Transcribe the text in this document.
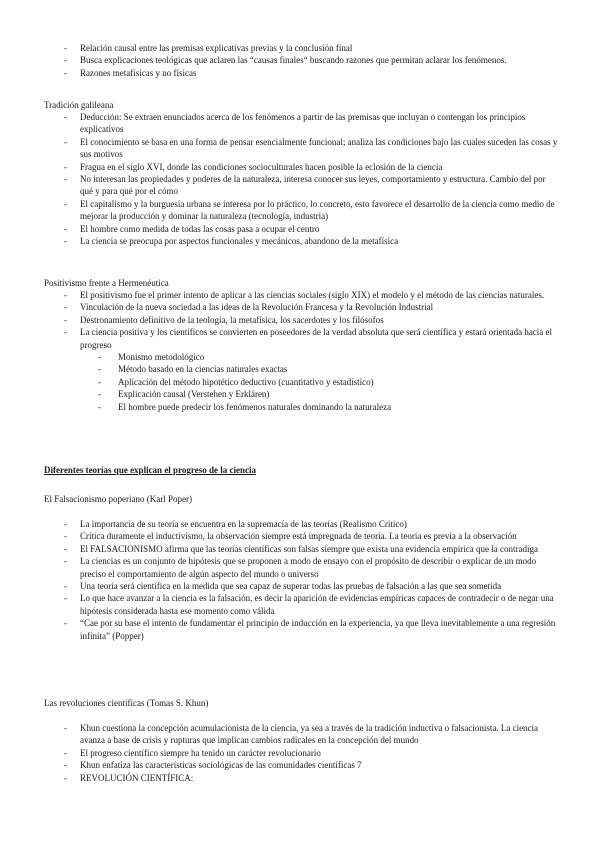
- Relación causal entre las premisas explicativas previas y la conclusión final
- Busca explicaciones teológicas que aclaren las “causas finales“ buscando razones que permitan aclarar los fenómenos.
- Razones metafísicas y no físicas
Tradición galileana
- Deducción: Se extraen enunciados acerca de los fenómenos a partir de las premisas que incluyan o contengan los principios explicativos
- El conocimiento se basa en una forma de pensar esencialmente funcional; analiza las condiciones bajo las cuales suceden las cosas y sus motivos
- Fragua en el siglo XVI, donde las condiciones socioculturales hacen posible la eclosión de la ciencia
- No interesan las propiedades y poderes de la naturaleza, interesa conocer sus leyes, comportamiento y estructura. Cambio del por qué y para qué por el cómo
- El capitalismo y la burguesía urbana se interesa por lo práctico, lo concreto, esto favorece el desarrollo de la ciencia como medio de mejorar la producción y dominar la naturaleza (tecnología, industria)
- El hombre como medida de todas las cosas pasa a ocupar el centro
- La ciencia se preocupa por aspectos funcionales y mecánicos, abandono de la metafísica
Positivismo frente a Hermenéutica
- El positivismo fue el primer intento de aplicar a las ciencias sociales (siglo XIX) el modelo y el método de las ciencias naturales.
- Vinculación de la nueva sociedad a las ideas de la Revolución Francesa y la Revolución Industrial
- Destronamiento definitivo de la teología, la metafísica, los sacerdotes y los filósofos
- La ciencia positiva y los científicos se convierten en poseedores de la verdad absoluta que será científica y estará orientada hacia el progreso
- Monismo metodológico
- Método basado en la ciencias naturales exactas
- Aplicación del método hipotético deductivo (cuantitativo y estadístico)
- Explicación causal (Verstehen y Erklären)
- El hombre puede predecir los fenómenos naturales dominando la naturaleza
Diferentes teorías que explican el progreso de la ciencia
El Falsacionismo poperiano (Karl Poper)
- La importancia de su teoría se encuentra en la supremacía de las teorías (Realismo Crítico)
- Crítica duramente el inductivismo, la observación siempre está impregnada de teoría. La teoría es previa a la observación
- El FALSACIONISMO afirma que las teorías científicas son falsas siempre que exista una evidencia empírica que la contradiga
- La ciencias es un conjunto de hipótesis que se proponen a modo de ensayo con el propósito de describir o explicar de un modo preciso el comportamiento de algún aspecto del mundo o universo
- Una teoría será científica en la medida que sea capaz de superar todas las pruebas de falsación a las que sea sometida
- Lo que hace avanzar a la ciencia es la falsación, es decir la aparición de evidencias empíricas capaces de contradecir o de negar una hipótesis considerada hasta ese momento como válida
- “Cae por su base el intento de fundamentar el principio de inducción en la experiencia, ya que lleva inevitablemente a una regresión infinita” (Popper)
Las revoluciones científicas (Tomas S. Khun)
- Khun cuestiona la concepción acumulacionista de la ciencia, ya sea a través de la tradición inductiva o falsacionista. La ciencia avanza a base de crisis y rupturas que implican cambios radicales en la concepción del mundo
- El progreso científico siempre ha tenido un carácter revolucionario
- Khun enfatiza las características sociológicas de las comunidades científicas 7
- REVOLUCIÓN CIENTÍFICA:
